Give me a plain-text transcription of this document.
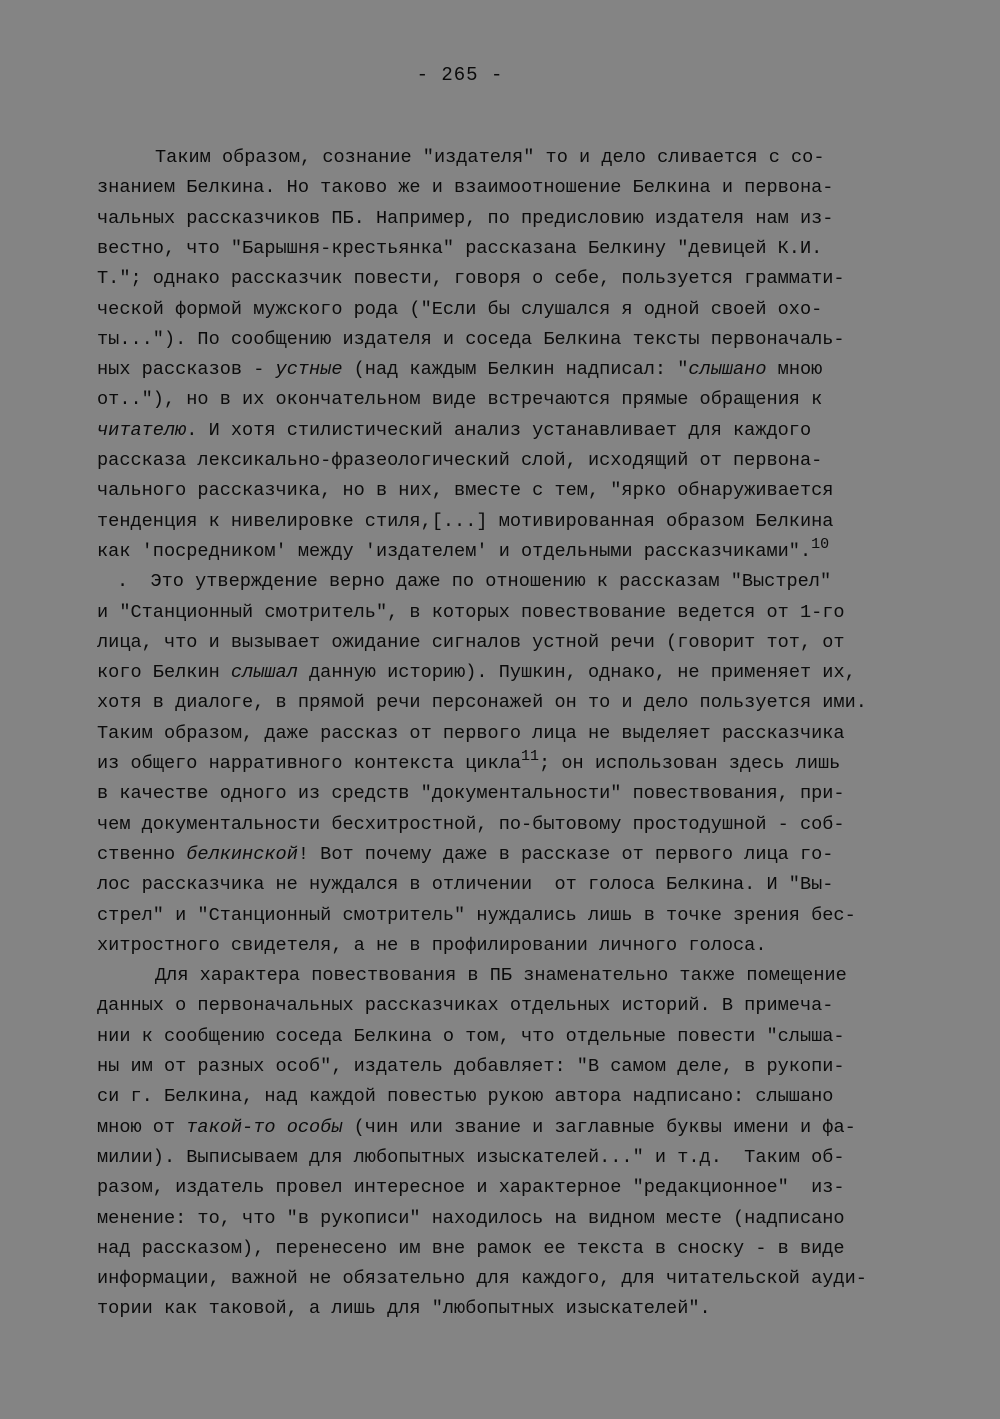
- 265 -
Таким образом, сознание "издателя" то и дело сливается с со-
знанием Белкина. Но таково же и взаимоотношение Белкина и первона-
чальных рассказчиков ПБ. Например, по предисловию издателя нам из-
вестно, что "Барышня-крестьянка" рассказана Белкину "девицей К.И.
Т."; однако рассказчик повести, говоря о себе, пользуется граммати-
ческой формой мужского рода ("Если бы слушался я одной своей охо-
ты..."). По сообщению издателя и соседа Белкина тексты первоначаль-
ных рассказов - устные (над каждым Белкин надписал: "слышано мною
от.."), но в их окончательном виде встречаются прямые обращения к
читателю. И хотя стилистический анализ устанавливает для каждого
рассказа лексикально-фразеологический слой, исходящий от первона-
чального рассказчика, но в них, вместе с тем, "ярко обнаруживается
тенденция к нивелировке стиля,[...] мотивированная образом Белкина
как 'посредником' между 'издателем' и отдельными рассказчиками".$^{10}$
.  Это утверждение верно даже по отношению к рассказам "Выстрел"
и "Станционный смотритель", в которых повествование ведется от 1-го
лица, что и вызывает ожидание сигналов устной речи (говорит тот, от
кого Белкин слышал данную историю). Пушкин, однако, не применяет их,
хотя в диалоге, в прямой речи персонажей он то и дело пользуется ими.
Таким образом, даже рассказ от первого лица не выделяет рассказчика
из общего нарративного контекста цикла$^{11}$; он использован здесь лишь
в качестве одного из средств "документальности" повествования, при-
чем документальности бесхитростной, по-бытовому простодушной - соб-
ственно белкинской! Вот почему даже в рассказе от первого лица го-
лос рассказчика не нуждался в отличении  от голоса Белкина. И "Вы-
стрел" и "Станционный смотритель" нуждались лишь в точке зрения бес-
хитростного свидетеля, а не в профилировании личного голоса.
Для характера повествования в ПБ знаменательно также помещение
данных о первоначальных рассказчиках отдельных историй. В примеча-
нии к сообщению соседа Белкина о том, что отдельные повести "слыша-
ны им от разных особ", издатель добавляет: "В самом деле, в рукопи-
си г. Белкина, над каждой повестью рукою автора надписано: слышано
мною от такой-то особы (чин или звание и заглавные буквы имени и фа-
милии). Выписываем для любопытных изыскателей..." и т.д.  Таким об-
разом, издатель провел интересное и характерное "редакционное"  из-
менение: то, что "в рукописи" находилось на видном месте (надписано
над рассказом), перенесено им вне рамок ее текста в сноску - в виде
информации, важной не обязательно для каждого, для читательской ауди-
тории как таковой, а лишь для "любопытных изыскателей".
